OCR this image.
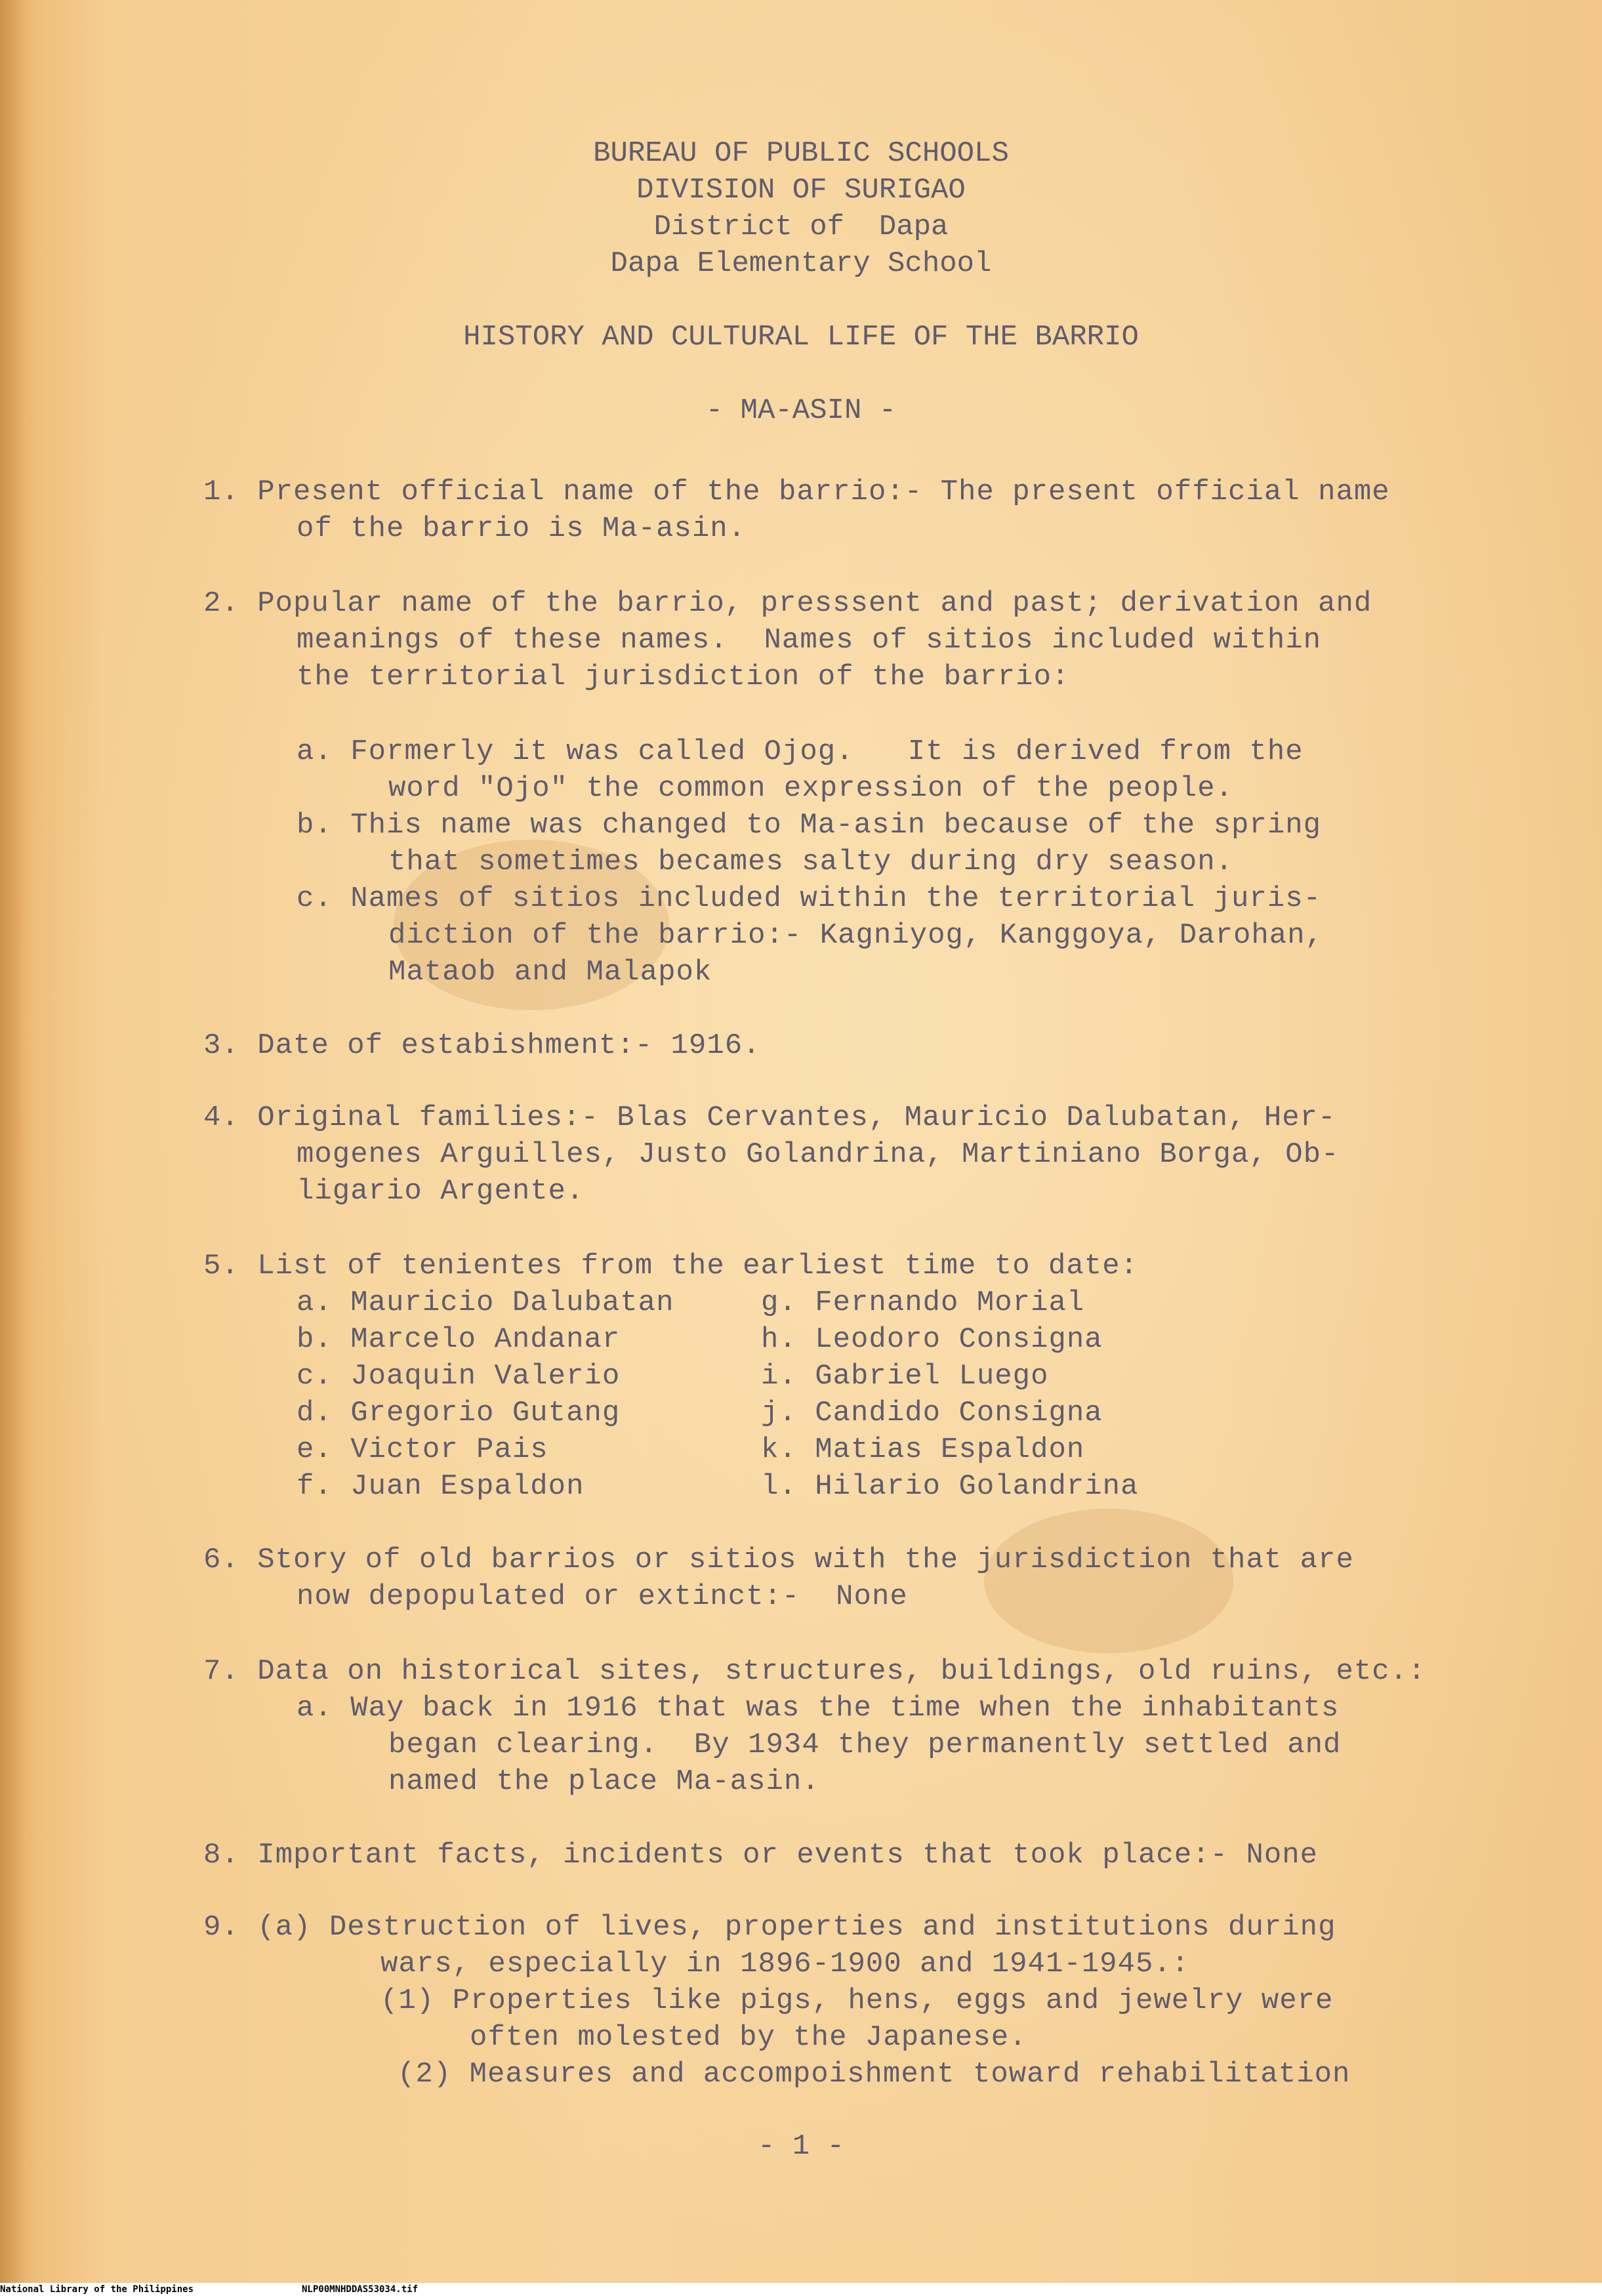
BUREAU OF PUBLIC SCHOOLS
DIVISION OF SURIGAO
District of  Dapa
Dapa Elementary School
HISTORY AND CULTURAL LIFE OF THE BARRIO
- MA-ASIN -
1. Present official name of the barrio:- The present official name
of the barrio is Ma-asin.
2. Popular name of the barrio, presssent and past; derivation and
meanings of these names.  Names of sitios included within
the territorial jurisdiction of the barrio:
a. Formerly it was called Ojog.   It is derived from the
word "Ojo" the common expression of the people.
b. This name was changed to Ma-asin because of the spring
that sometimes becames salty during dry season.
c. Names of sitios included within the territorial juris-
diction of the barrio:- Kagniyog, Kanggoya, Darohan,
Mataob and Malapok
3. Date of estabishment:- 1916.
4. Original families:- Blas Cervantes, Mauricio Dalubatan, Her-
mogenes Arguilles, Justo Golandrina, Martiniano Borga, Ob-
ligario Argente.
5. List of tenientes from the earliest time to date:
a. Mauricio Dalubatan
b. Marcelo Andanar
c. Joaquin Valerio
d. Gregorio Gutang
e. Victor Pais
f. Juan Espaldon
g. Fernando Morial
h. Leodoro Consigna
i. Gabriel Luego
j. Candido Consigna
k. Matias Espaldon
l. Hilario Golandrina
6. Story of old barrios or sitios with the jurisdiction that are
now depopulated or extinct:-  None
7. Data on historical sites, structures, buildings, old ruins, etc.:
a. Way back in 1916 that was the time when the inhabitants
began clearing.  By 1934 they permanently settled and
named the place Ma-asin.
8. Important facts, incidents or events that took place:- None
9. (a) Destruction of lives, properties and institutions during
wars, especially in 1896-1900 and 1941-1945.:
(1) Properties like pigs, hens, eggs and jewelry were
often molested by the Japanese.
(2) Measures and accompoishment toward rehabilitation
- 1 -
National Library of the Philippines	NLP00MNHDDAS53034.tif
